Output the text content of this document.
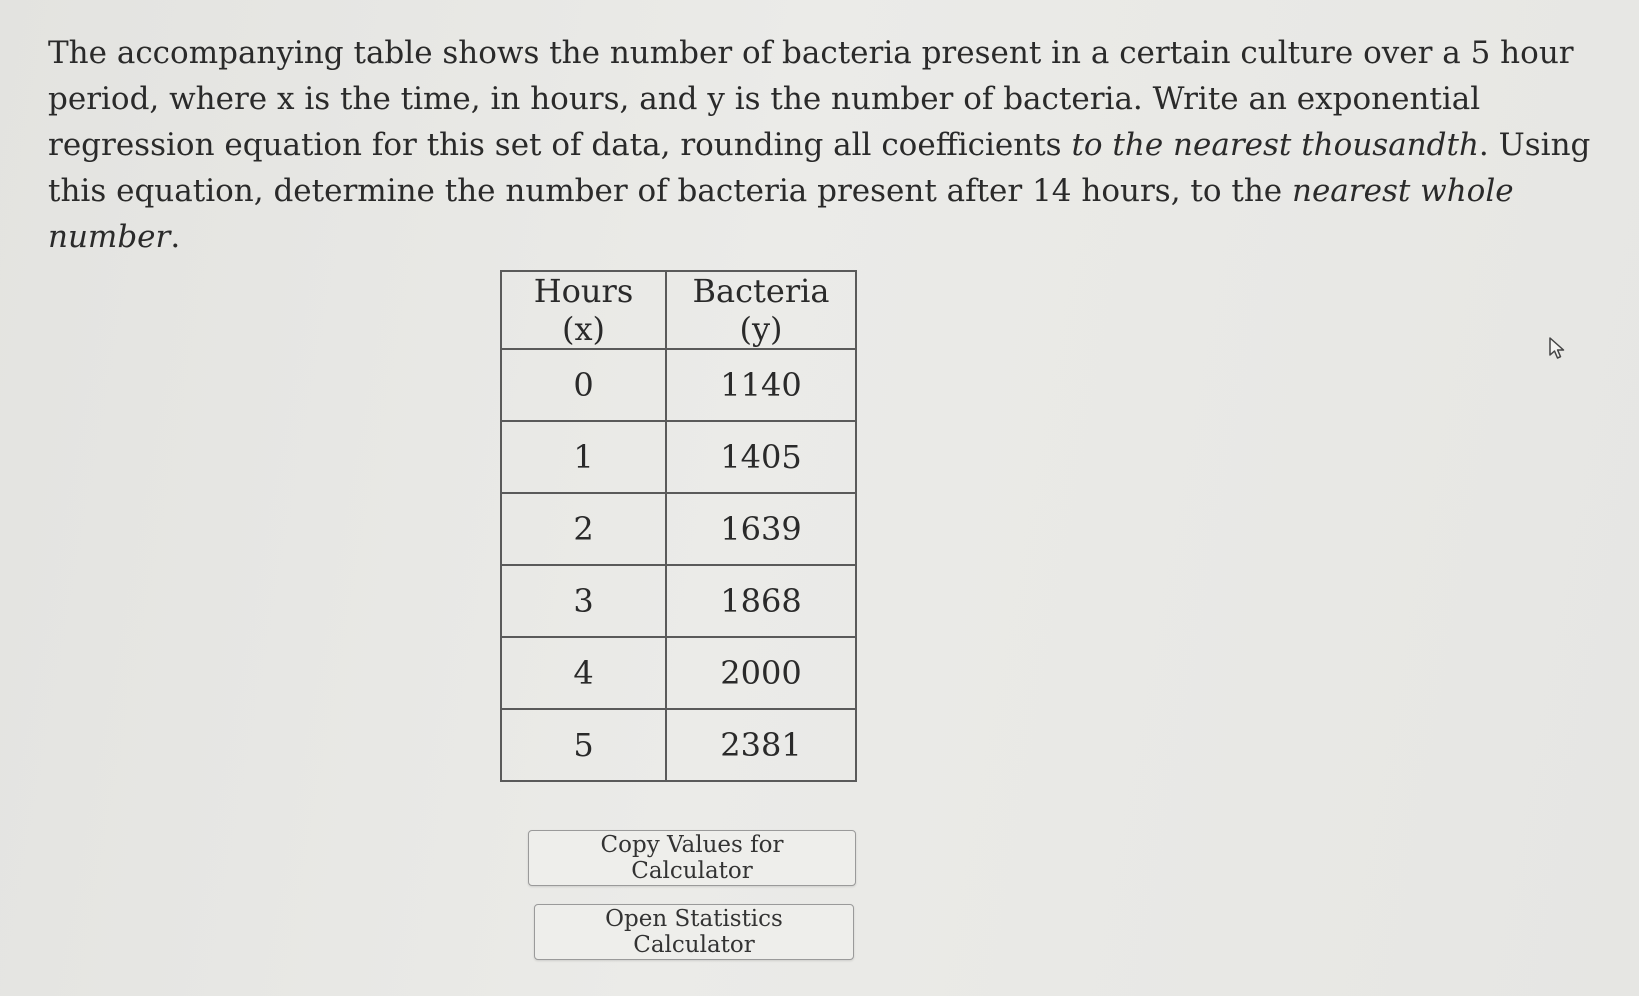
The accompanying table shows the number of bacteria present in a certain culture over a 5 hour period, where x is the time, in hours, and y is the number of bacteria. Write an exponential regression equation for this set of data, rounding all coefficients to the nearest thousandth. Using this equation, determine the number of bacteria present after 14 hours, to the nearest whole number.

Hours (x)	Bacteria (y)
0	1140
1	1405
2	1639
3	1868
4	2000
5	2381
Copy Values for Calculator
Open Statistics Calculator
